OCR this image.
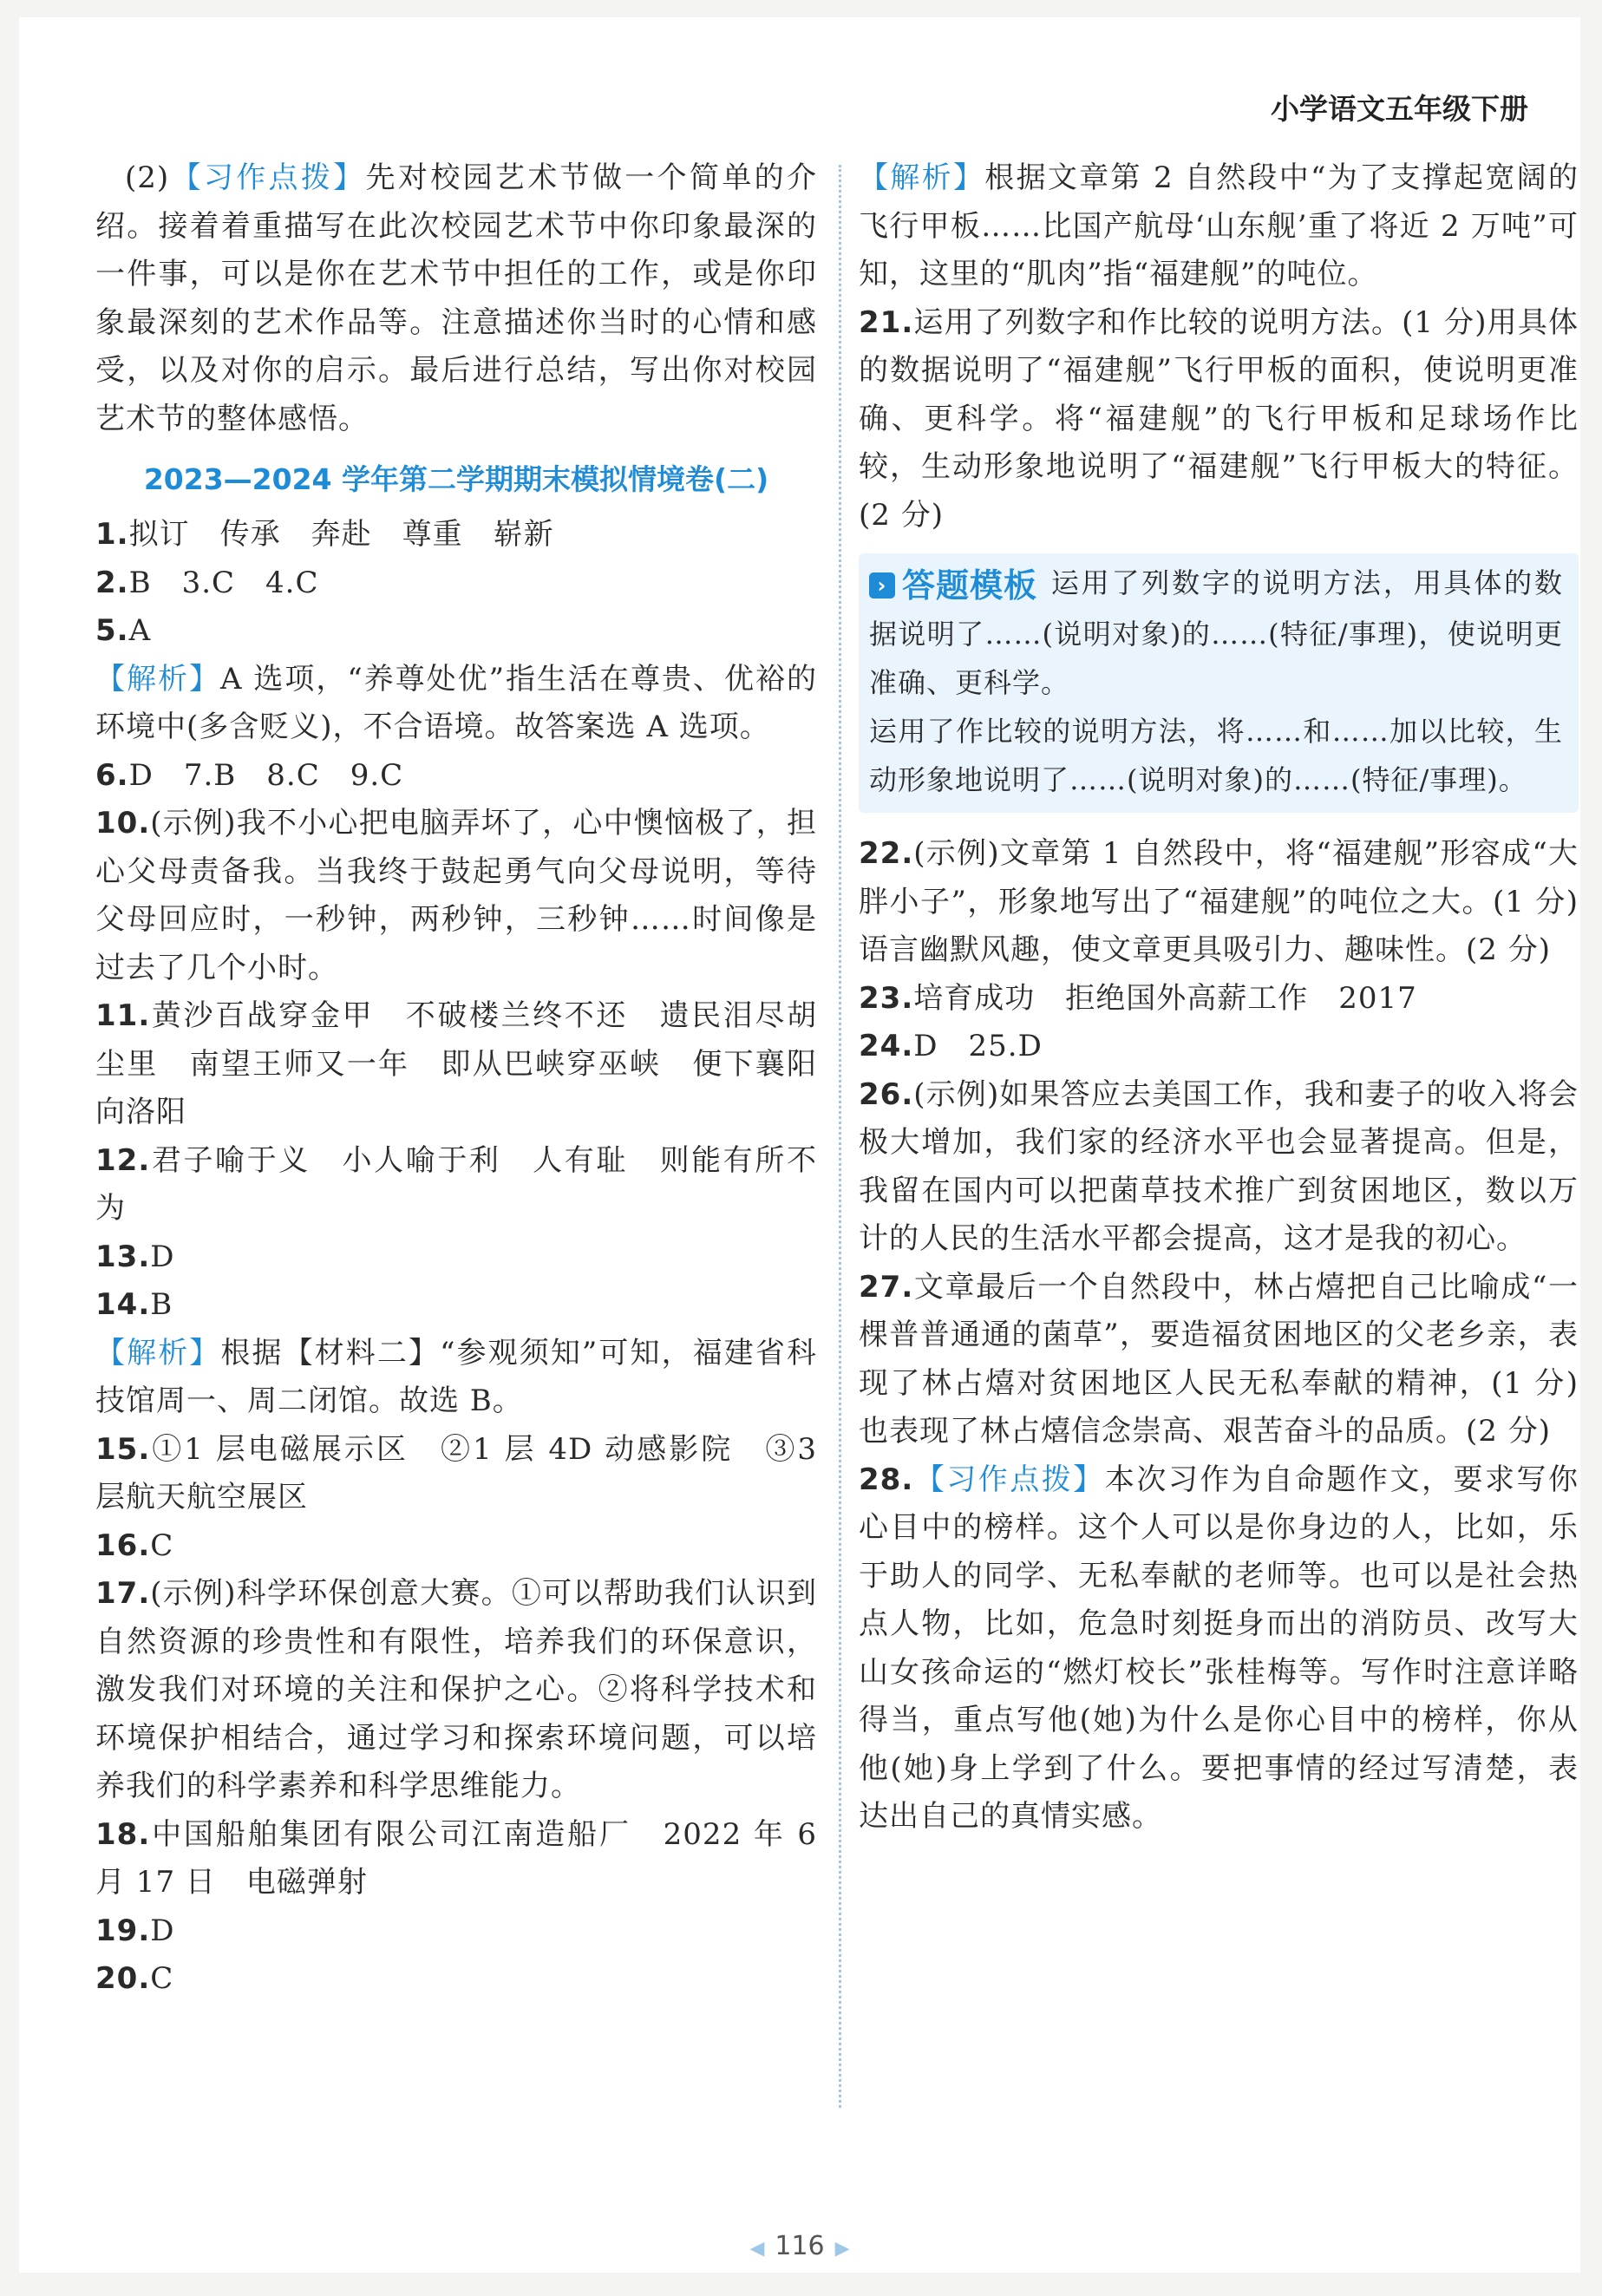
小学语文五年级下册

(2)【习作点拨】先对校园艺术节做一个简单的介绍。接着着重描写在此次校园艺术节中你印象最深的一件事，可以是你在艺术节中担任的工作，或是你印象最深刻的艺术作品等。注意描述你当时的心情和感受，以及对你的启示。最后进行总结，写出你对校园艺术节的整体感悟。

2023—2024 学年第二学期期末模拟情境卷(二)

1.拟订　传承　奔赴　尊重　崭新

2.B　3.C　4.C

5.A

【解析】A 选项，“养尊处优”指生活在尊贵、优裕的环境中(多含贬义)，不合语境。故答案选 A 选项。

6.D　7.B　8.C　9.C

10.(示例)我不小心把电脑弄坏了，心中懊恼极了，担心父母责备我。当我终于鼓起勇气向父母说明，等待父母回应时，一秒钟，两秒钟，三秒钟……时间像是过去了几个小时。

11.黄沙百战穿金甲　不破楼兰终不还　遗民泪尽胡尘里　南望王师又一年　即从巴峡穿巫峡　便下襄阳向洛阳

12.君子喻于义　小人喻于利　人有耻　则能有所不为

13.D

14.B

【解析】根据【材料二】“参观须知”可知，福建省科技馆周一、周二闭馆。故选 B。

15.①1 层电磁展示区　②1 层 4D 动感影院　③3 层航天航空展区

16.C

17.(示例)科学环保创意大赛。①可以帮助我们认识到自然资源的珍贵性和有限性，培养我们的环保意识，激发我们对环境的关注和保护之心。②将科学技术和环境保护相结合，通过学习和探索环境问题，可以培养我们的科学素养和科学思维能力。

18.中国船舶集团有限公司江南造船厂　2022 年 6 月 17 日　电磁弹射

19.D

20.C

【解析】根据文章第 2 自然段中“为了支撑起宽阔的飞行甲板……比国产航母‘山东舰’重了将近 2 万吨”可知，这里的“肌肉”指“福建舰”的吨位。

21.运用了列数字和作比较的说明方法。(1 分)用具体的数据说明了“福建舰”飞行甲板的面积，使说明更准确、更科学。将“福建舰”的飞行甲板和足球场作比较，生动形象地说明了“福建舰”飞行甲板大的特征。(2 分)

› 答题模板 运用了列数字的说明方法，用具体的数据说明了……(说明对象)的……(特征/事理)，使说明更准确、更科学。

运用了作比较的说明方法，将……和……加以比较，生动形象地说明了……(说明对象)的……(特征/事理)。

22.(示例)文章第 1 自然段中，将“福建舰”形容成“大胖小子”，形象地写出了“福建舰”的吨位之大。(1 分)语言幽默风趣，使文章更具吸引力、趣味性。(2 分)

23.培育成功　拒绝国外高薪工作　2017

24.D　25.D

26.(示例)如果答应去美国工作，我和妻子的收入将会极大增加，我们家的经济水平也会显著提高。但是，我留在国内可以把菌草技术推广到贫困地区，数以万计的人民的生活水平都会提高，这才是我的初心。

27.文章最后一个自然段中，林占熺把自己比喻成“一棵普普通通的菌草”，要造福贫困地区的父老乡亲，表现了林占熺对贫困地区人民无私奉献的精神，(1 分)也表现了林占熺信念崇高、艰苦奋斗的品质。(2 分)

28.【习作点拨】本次习作为自命题作文，要求写你心目中的榜样。这个人可以是你身边的人，比如，乐于助人的同学、无私奉献的老师等。也可以是社会热点人物，比如，危急时刻挺身而出的消防员、改写大山女孩命运的“燃灯校长”张桂梅等。写作时注意详略得当，重点写他(她)为什么是你心目中的榜样，你从他(她)身上学到了什么。要把事情的经过写清楚，表达出自己的真情实感。

◀ 116 ▶
